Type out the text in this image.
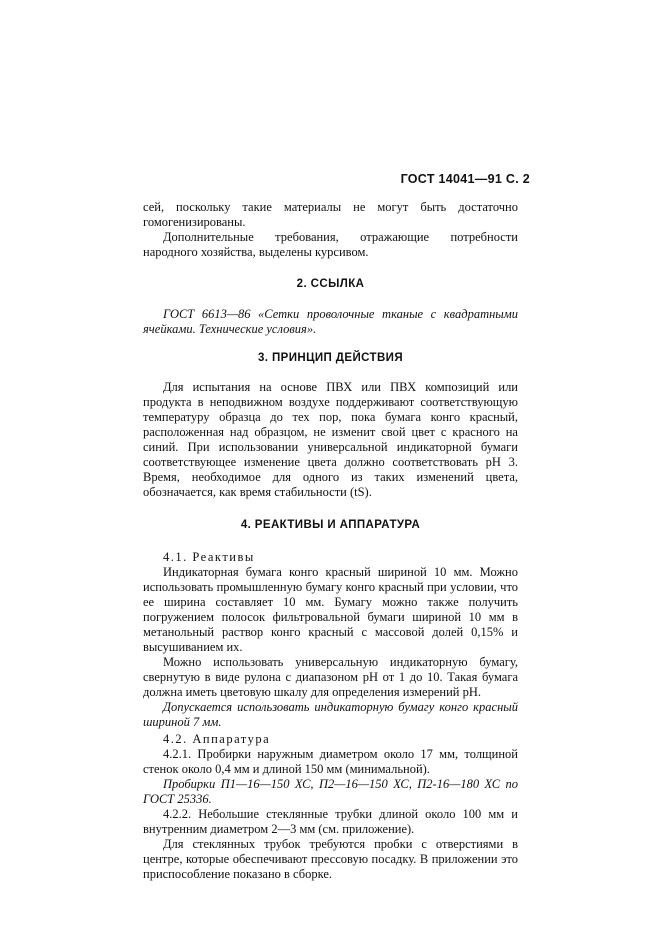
ГОСТ 14041—91 С. 2

сей, поскольку такие материалы не могут быть достаточно гомогенизированы.

Дополнительные требования, отражающие потребности народного хозяйства, выделены курсивом.

2. ССЫЛКА

ГОСТ 6613—86 «Сетки проволочные тканые с квадратными ячейками. Технические условия».

3. ПРИНЦИП ДЕЙСТВИЯ

Для испытания на основе ПВХ или ПВХ композиций или продукта в неподвижном воздухе поддерживают соответствующую температуру образца до тех пор, пока бумага конго красный, расположенная над образцом, не изменит свой цвет с красного на синий. При использовании универсальной индикаторной бумаги соответствующее изменение цвета должно соответствовать рН 3. Время, необходимое для одного из таких изменений цвета, обозначается, как время стабильности (tS).

4. РЕАКТИВЫ И АППАРАТУРА

4.1. Реактивы

Индикаторная бумага конго красный шириной 10 мм. Можно использовать промышленную бумагу конго красный при условии, что ее ширина составляет 10 мм. Бумагу можно также получить погружением полосок фильтровальной бумаги шириной 10 мм в метанольный раствор конго красный с массовой долей 0,15% и высушиванием их.

Можно использовать универсальную индикаторную бумагу, свернутую в виде рулона с диапазоном рН от 1 до 10. Такая бумага должна иметь цветовую шкалу для определения измерений рН.

Допускается использовать индикаторную бумагу конго красный шириной 7 мм.

4.2. Аппаратура

4.2.1. Пробирки наружным диаметром около 17 мм, толщиной стенок около 0,4 мм и длиной 150 мм (минимальной).

Пробирки П1—16—150 ХС, П2—16—150 ХС, П2-16—180 ХС по ГОСТ 25336.

4.2.2. Небольшие стеклянные трубки длиной около 100 мм и внутренним диаметром 2—3 мм (см. приложение).

Для стеклянных трубок требуются пробки с отверстиями в центре, которые обеспечивают прессовую посадку. В приложении это приспособление показано в сборке.
